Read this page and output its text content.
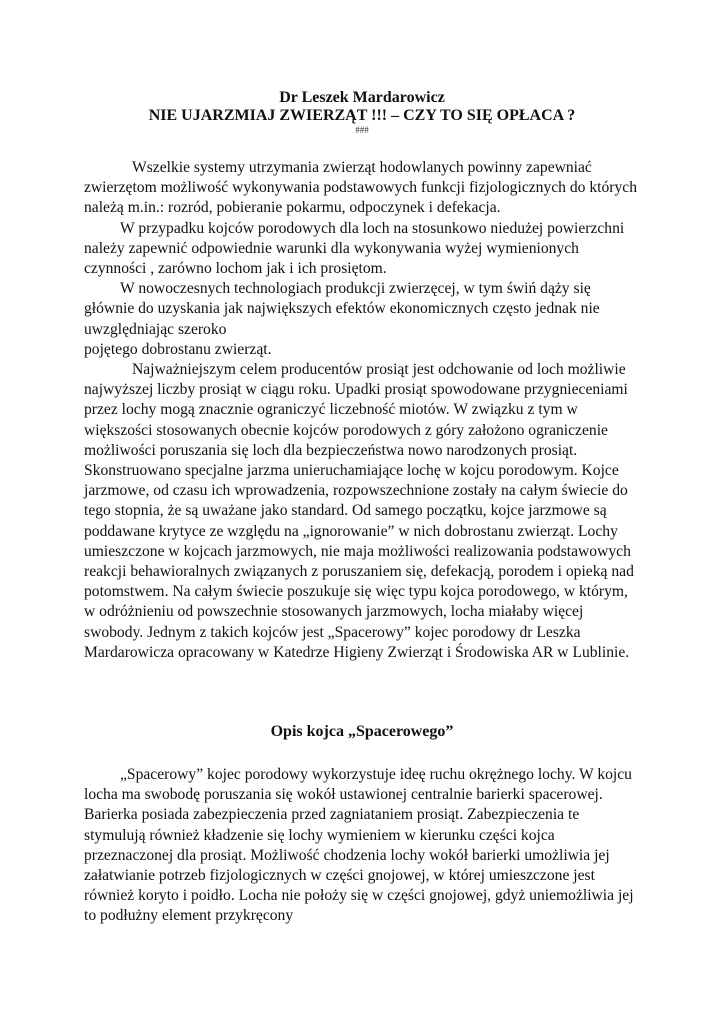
Dr Leszek Mardarowicz
NIE UJARZMIAJ ZWIERZĄT !!! – CZY TO SIĘ OPŁACA ?
###

Wszelkie systemy utrzymania zwierząt hodowlanych powinny zapewniać zwierzętom możliwość wykonywania podstawowych funkcji fizjologicznych do których należą m.in.: rozród, pobieranie pokarmu, odpoczynek i defekacja.

W przypadku kojców porodowych dla loch na stosunkowo niedużej powierzchni należy zapewnić odpowiednie warunki dla wykonywania wyżej wymienionych czynności , zarówno lochom jak i ich prosiętom.

W nowoczesnych technologiach produkcji zwierzęcej, w tym świń dąży się głównie do uzyskania jak największych efektów ekonomicznych często jednak nie uwzględniając szeroko

pojętego dobrostanu zwierząt.

Najważniejszym celem producentów prosiąt jest odchowanie od loch możliwie najwyższej liczby prosiąt w ciągu roku. Upadki prosiąt spowodowane przygnieceniami przez lochy mogą znacznie ograniczyć liczebność miotów. W związku z tym w większości stosowanych obecnie kojców porodowych z góry założono ograniczenie możliwości poruszania się loch dla bezpieczeństwa nowo narodzonych prosiąt. Skonstruowano specjalne jarzma unieruchamiające lochę w kojcu porodowym. Kojce jarzmowe, od czasu ich wprowadzenia, rozpowszechnione zostały na całym świecie do tego stopnia, że są uważane jako standard. Od samego początku, kojce jarzmowe są poddawane krytyce ze względu na „ignorowanie” w nich dobrostanu zwierząt. Lochy umieszczone w kojcach jarzmowych, nie maja możliwości realizowania podstawowych reakcji behawioralnych związanych z poruszaniem się, defekacją, porodem i opieką nad potomstwem. Na całym świecie poszukuje się więc typu kojca porodowego, w którym, w odróżnieniu od powszechnie stosowanych jarzmowych, locha miałaby więcej swobody. Jednym z takich kojców jest „Spacerowy” kojec porodowy dr Leszka Mardarowicza opracowany w Katedrze Higieny Zwierząt i Środowiska AR w Lublinie.

Opis kojca „Spacerowego”

„Spacerowy” kojec porodowy wykorzystuje ideę ruchu okrężnego lochy. W kojcu locha ma swobodę poruszania się wokół ustawionej centralnie barierki spacerowej. Barierka posiada zabezpieczenia przed zagniataniem prosiąt. Zabezpieczenia te stymulują również kładzenie się lochy wymieniem w kierunku części kojca przeznaczonej dla prosiąt. Możliwość chodzenia lochy wokół barierki umożliwia jej załatwianie potrzeb fizjologicznych w części gnojowej, w której umieszczone jest również koryto i poidło. Locha nie położy się w części gnojowej, gdyż uniemożliwia jej to podłużny element przykręcony
